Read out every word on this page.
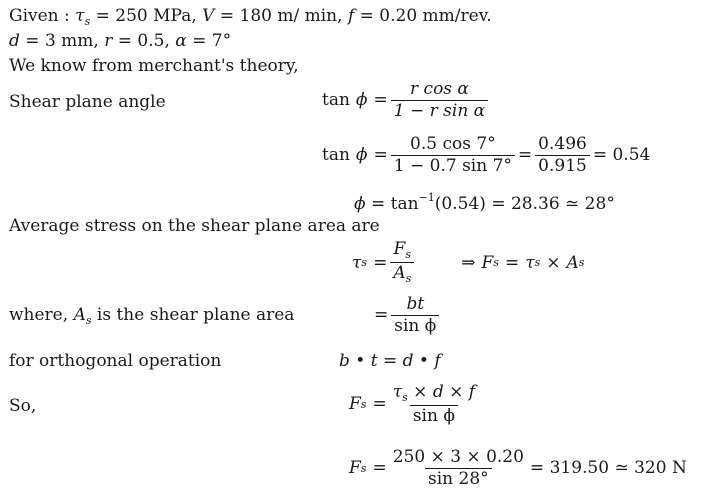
Given : $\tau_s = 250$ MPa, V = 180 m/ min, f = 0.20 mm/rev.
d = 3 mm, r = 0.5, α = 7°
We know from merchant's theory,
Shear plane angle	$\tan \phi = \frac{\text{r cos α}}{\text{1 − r sin α}}$
$\tan \phi = \frac{0.5 \cos 7^\circ}{1 - 0.7 \sin 7^\circ} = \frac{0.496}{0.915} = 0.54$
$\phi = \tan^{-1}(0.54) = 28.36$ ≃ 28°
Average stress on the shear plane area are
τ $s = \frac{F_s}{A_s}$	⇒ F s = τ s × A s
where, $A_s$ is the shear plane area	= $\frac{bt}{\text{sin ϕ}}$
for orthogonal operation	b • t = d • f
So,	F $s = \frac{\tau_s \times d \times f}{\text{sin ϕ}}$
F $s = \frac{250 \times 3 \times 0.20}{\sin 28^\circ} = 319.50$ ≃ 320 N
